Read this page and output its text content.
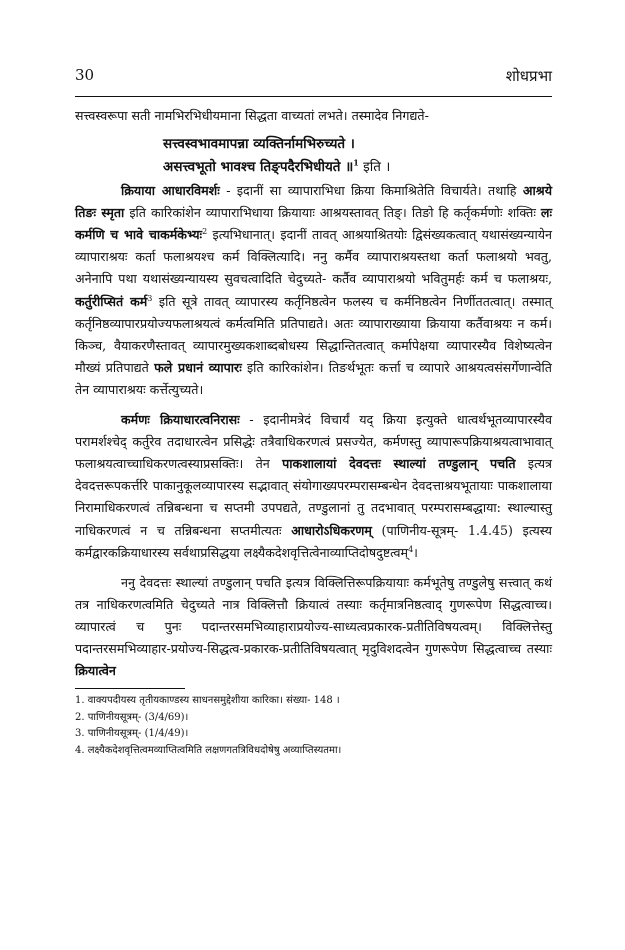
30	शोधप्रभा

सत्त्वस्वरूपा सती नामभिरभिधीयमाना सिद्धता वाच्यतां लभते। तस्मादेव निगद्यते-

सत्त्वस्वभावमापन्ना व्यक्तिर्नामभिरुच्यते ।
असत्त्वभूतो भावश्च तिङ्पदैरभिधीयते ॥$^1$ इति ।

क्रियाया आधारविमर्शः - इदानीं सा व्यापाराभिधा क्रिया किमाश्रितेति विचार्यते। तथाहि आश्रये तिङः स्मृता इति कारिकांशेन व्यापाराभिधाया क्रियायाः आश्रयस्तावत् तिङ्। तिङो हि कर्तृकर्मणोः शक्तिः लः कर्मणि च भावे चाकर्मकेभ्यः$^2$ इत्यभिधानात्। इदानीं तावत् आश्रयाश्रितयोः द्विसंख्यकत्वात् यथासंख्यन्यायेन व्यापाराश्रयः कर्ता फलाश्रयश्च कर्म विक्लित्यादि। ननु कर्मैव व्यापाराश्रयस्तथा कर्ता फलाश्रयो भवतु, अनेनापि पथा यथासंख्यन्यायस्य सुवचत्वादिति चेदुच्यते- कर्तैव व्यापाराश्रयो भवितुमर्हः कर्म च फलाश्रयः, कर्तुरीप्सितं कर्म$^3$ इति सूत्रे तावत् व्यापारस्य कर्तृनिष्ठत्वेन फलस्य च कर्मनिष्ठत्वेन निर्णीततत्वात्। तस्मात् कर्तृनिष्ठव्यापारप्रयोज्यफलाश्रयत्वं कर्मत्वमिति प्रतिपाद्यते। अतः व्यापाराख्याया क्रियाया कर्तैवाश्रयः न कर्म। किञ्च, वैयाकरणैस्तावत् व्यापारमुख्यकशाब्दबोधस्य सिद्धान्तितत्वात् कर्मापेक्षया व्यापारस्यैव विशेष्यत्वेन मौख्यं प्रतिपाद्यते फले प्रधानं व्यापारः इति कारिकांशेन। तिङर्थभूतः कर्त्ता च व्यापारे आश्रयत्वसंसर्गेणान्वेति तेन व्यापाराश्रयः कर्त्तेत्युच्यते।

कर्मणः क्रियाधारत्वनिरासः - इदानीमत्रेदं विचार्यं यद् क्रिया इत्युक्ते धात्वर्थभूतव्यापारस्यैव परामर्शश्चेद् कर्तुरेव तदाधारत्वेन प्रसिद्धेः तत्रैवाधिकरणत्वं प्रसज्येत, कर्मणस्तु व्यापारूपक्रियाश्रयत्वाभावात् फलाश्रयत्वाच्चाधिकरणत्वस्याप्रसक्तिः। तेन पाकशालायां देवदत्तः स्थाल्यां तण्डुलान् पचति इत्यत्र देवदत्तरूपकर्त्तरि पाकानुकूलव्यापारस्य सद्भावात् संयोगाख्यपरम्परासम्बन्धेन देवदत्ताश्रयभूतायाः पाकशालाया निरामाधिकरणत्वं तन्निबन्धना च सप्तमी उपपद्यते, तण्डुलानां तु तदभावात् परम्परासम्बद्धाया: स्थाल्यास्तु नाधिकरणत्वं न च तन्निबन्धना सप्तमीत्यतः आधारोऽधिकरणम् (पाणिनीय-सूत्रम्- 1.4.45) इत्यस्य कर्मद्वारकक्रियाधारस्य सर्वथाप्रसिद्धया लक्ष्यैकदेशवृत्तित्वेनाव्याप्तिदोषदुष्टत्वम्$^4$।

ननु देवदत्तः स्थाल्यां तण्डुलान् पचति इत्यत्र विक्लित्तिरूपक्रियायाः कर्मभूतेषु तण्डुलेषु सत्त्वात् कथं तत्र नाधिकरणत्वमिति चेदुच्यते नात्र विक्लित्तौ क्रियात्वं तस्याः कर्तृमात्रनिष्ठत्वाद् गुणरूपेण सिद्धत्वाच्च। व्यापारत्वं च पुनः पदान्तरसमभिव्याहाराप्रयोज्य-साध्यत्वप्रकारक-प्रतीतिविषयत्वम्। विक्लित्तेस्तु पदान्तरसमभिव्याहार-प्रयोज्य-सिद्धत्व-प्रकारक-प्रतीतिविषयत्वात् मृदुविशदत्वेन गुणरूपेण सिद्धत्वाच्च तस्याः क्रियात्वेन

1. वाक्यपदीयस्य तृतीयकाण्डस्य साधनसमुद्देशीया कारिका। संख्या- 148 ।
2. पाणिनीयसूत्रम्- (3/4/69)।
3. पाणिनीयसूत्रम्- (1/4/49)।
4. लक्ष्यैकदेशवृत्तित्वमव्याप्तित्वमिति लक्षणगतत्रिविधदोषेषु अव्याप्तिस्यतमा।
